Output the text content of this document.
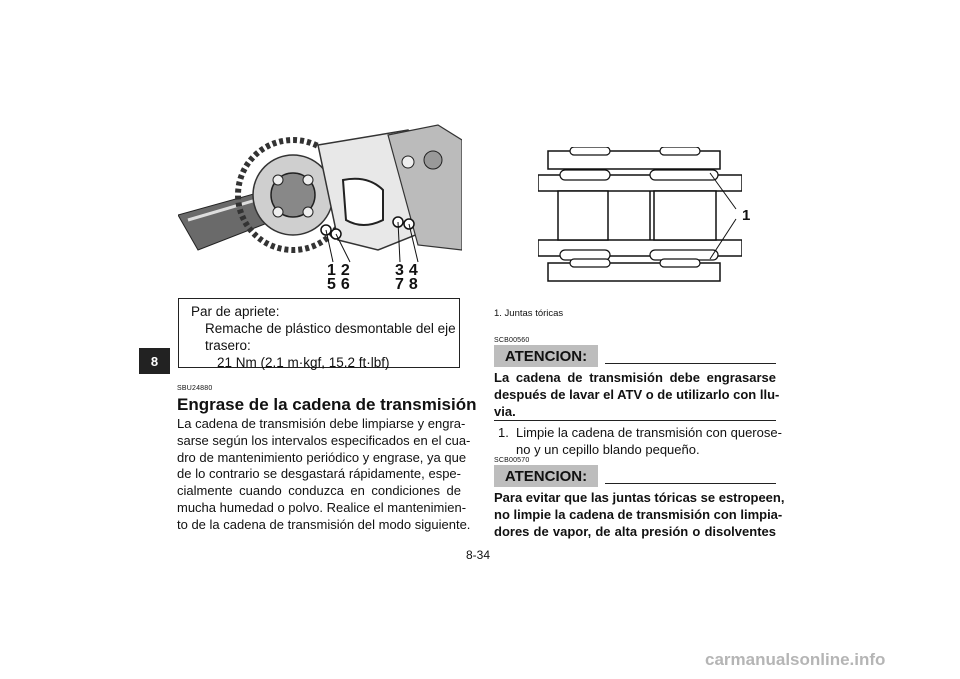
8
12
56
34
78
Par de apriete:
Remache de plástico desmontable del eje
trasero:
21 Nm (2.1 m·kgf, 15.2 ft·lbf)
SBU24880
Engrase de la cadena de transmisión
La cadena de transmisión debe limpiarse y engra-
sarse según los intervalos especificados en el cua-
dro de mantenimiento periódico y engrase, ya que
de lo contrario se desgastará rápidamente, espe-
cialmente cuando conduzca en condiciones de
mucha humedad o polvo. Realice el mantenimien-
to de la cadena de transmisión del modo siguiente.
1
1. Juntas tóricas
SCB00560
ATENCION:
La cadena de transmisión debe engrasarse
después de lavar el ATV o de utilizarlo con llu-
via.
1. Limpie la cadena de transmisión con querose-
no y un cepillo blando pequeño.
SCB00570
ATENCION:
Para evitar que las juntas tóricas se estropeen,
no limpie la cadena de transmisión con limpia-
dores de vapor, de alta presión o disolventes
8-34
carmanualsonline.info
